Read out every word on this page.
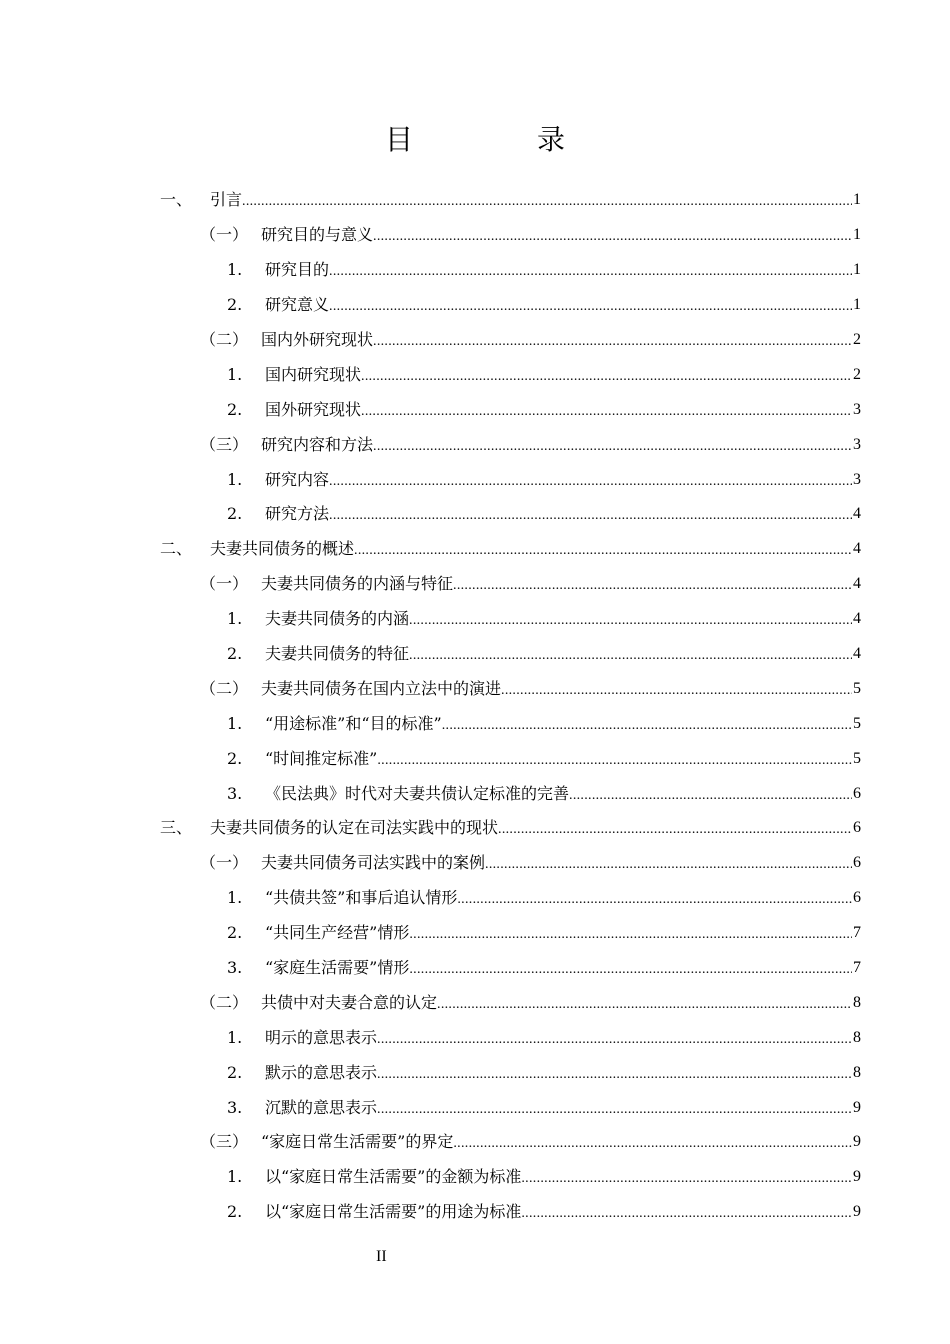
目　录
一、	引言 .....	1
（一） 研究目的与意义 .....	1
1.	研究目的 .....	1
2.	研究意义 .....	1
（二） 国内外研究现状 .....	2
1.	国内研究现状 .....	2
2.	国外研究现状 .....	3
（三） 研究内容和方法 .....	3
1.	研究内容 .....	3
2.	研究方法 .....	4
二、	夫妻共同债务的概述 .....	4
（一） 夫妻共同债务的内涵与特征 .....	4
1.	夫妻共同债务的内涵 .....	4
2.	夫妻共同债务的特征 .....	4
（二） 夫妻共同债务在国内立法中的演进 .....	5
1.	“用途标准”和“目的标准” .....	5
2.	“时间推定标准” .....	5
3.	《民法典》时代对夫妻共债认定标准的完善 .....	6
三、	夫妻共同债务的认定在司法实践中的现状 .....	6
（一） 夫妻共同债务司法实践中的案例 .....	6
1.	“共债共签”和事后追认情形 .....	6
2.	“共同生产经营”情形 .....	7
3.	“家庭生活需要”情形 .....	7
（二） 共债中对夫妻合意的认定 .....	8
1.	明示的意思表示 .....	8
2.	默示的意思表示 .....	8
3.	沉默的意思表示 .....	9
（三） “家庭日常生活需要”的界定 .....	9
1.	以“家庭日常生活需要”的金额为标准 .....	9
2.	以“家庭日常生活需要”的用途为标准 .....	9
II
